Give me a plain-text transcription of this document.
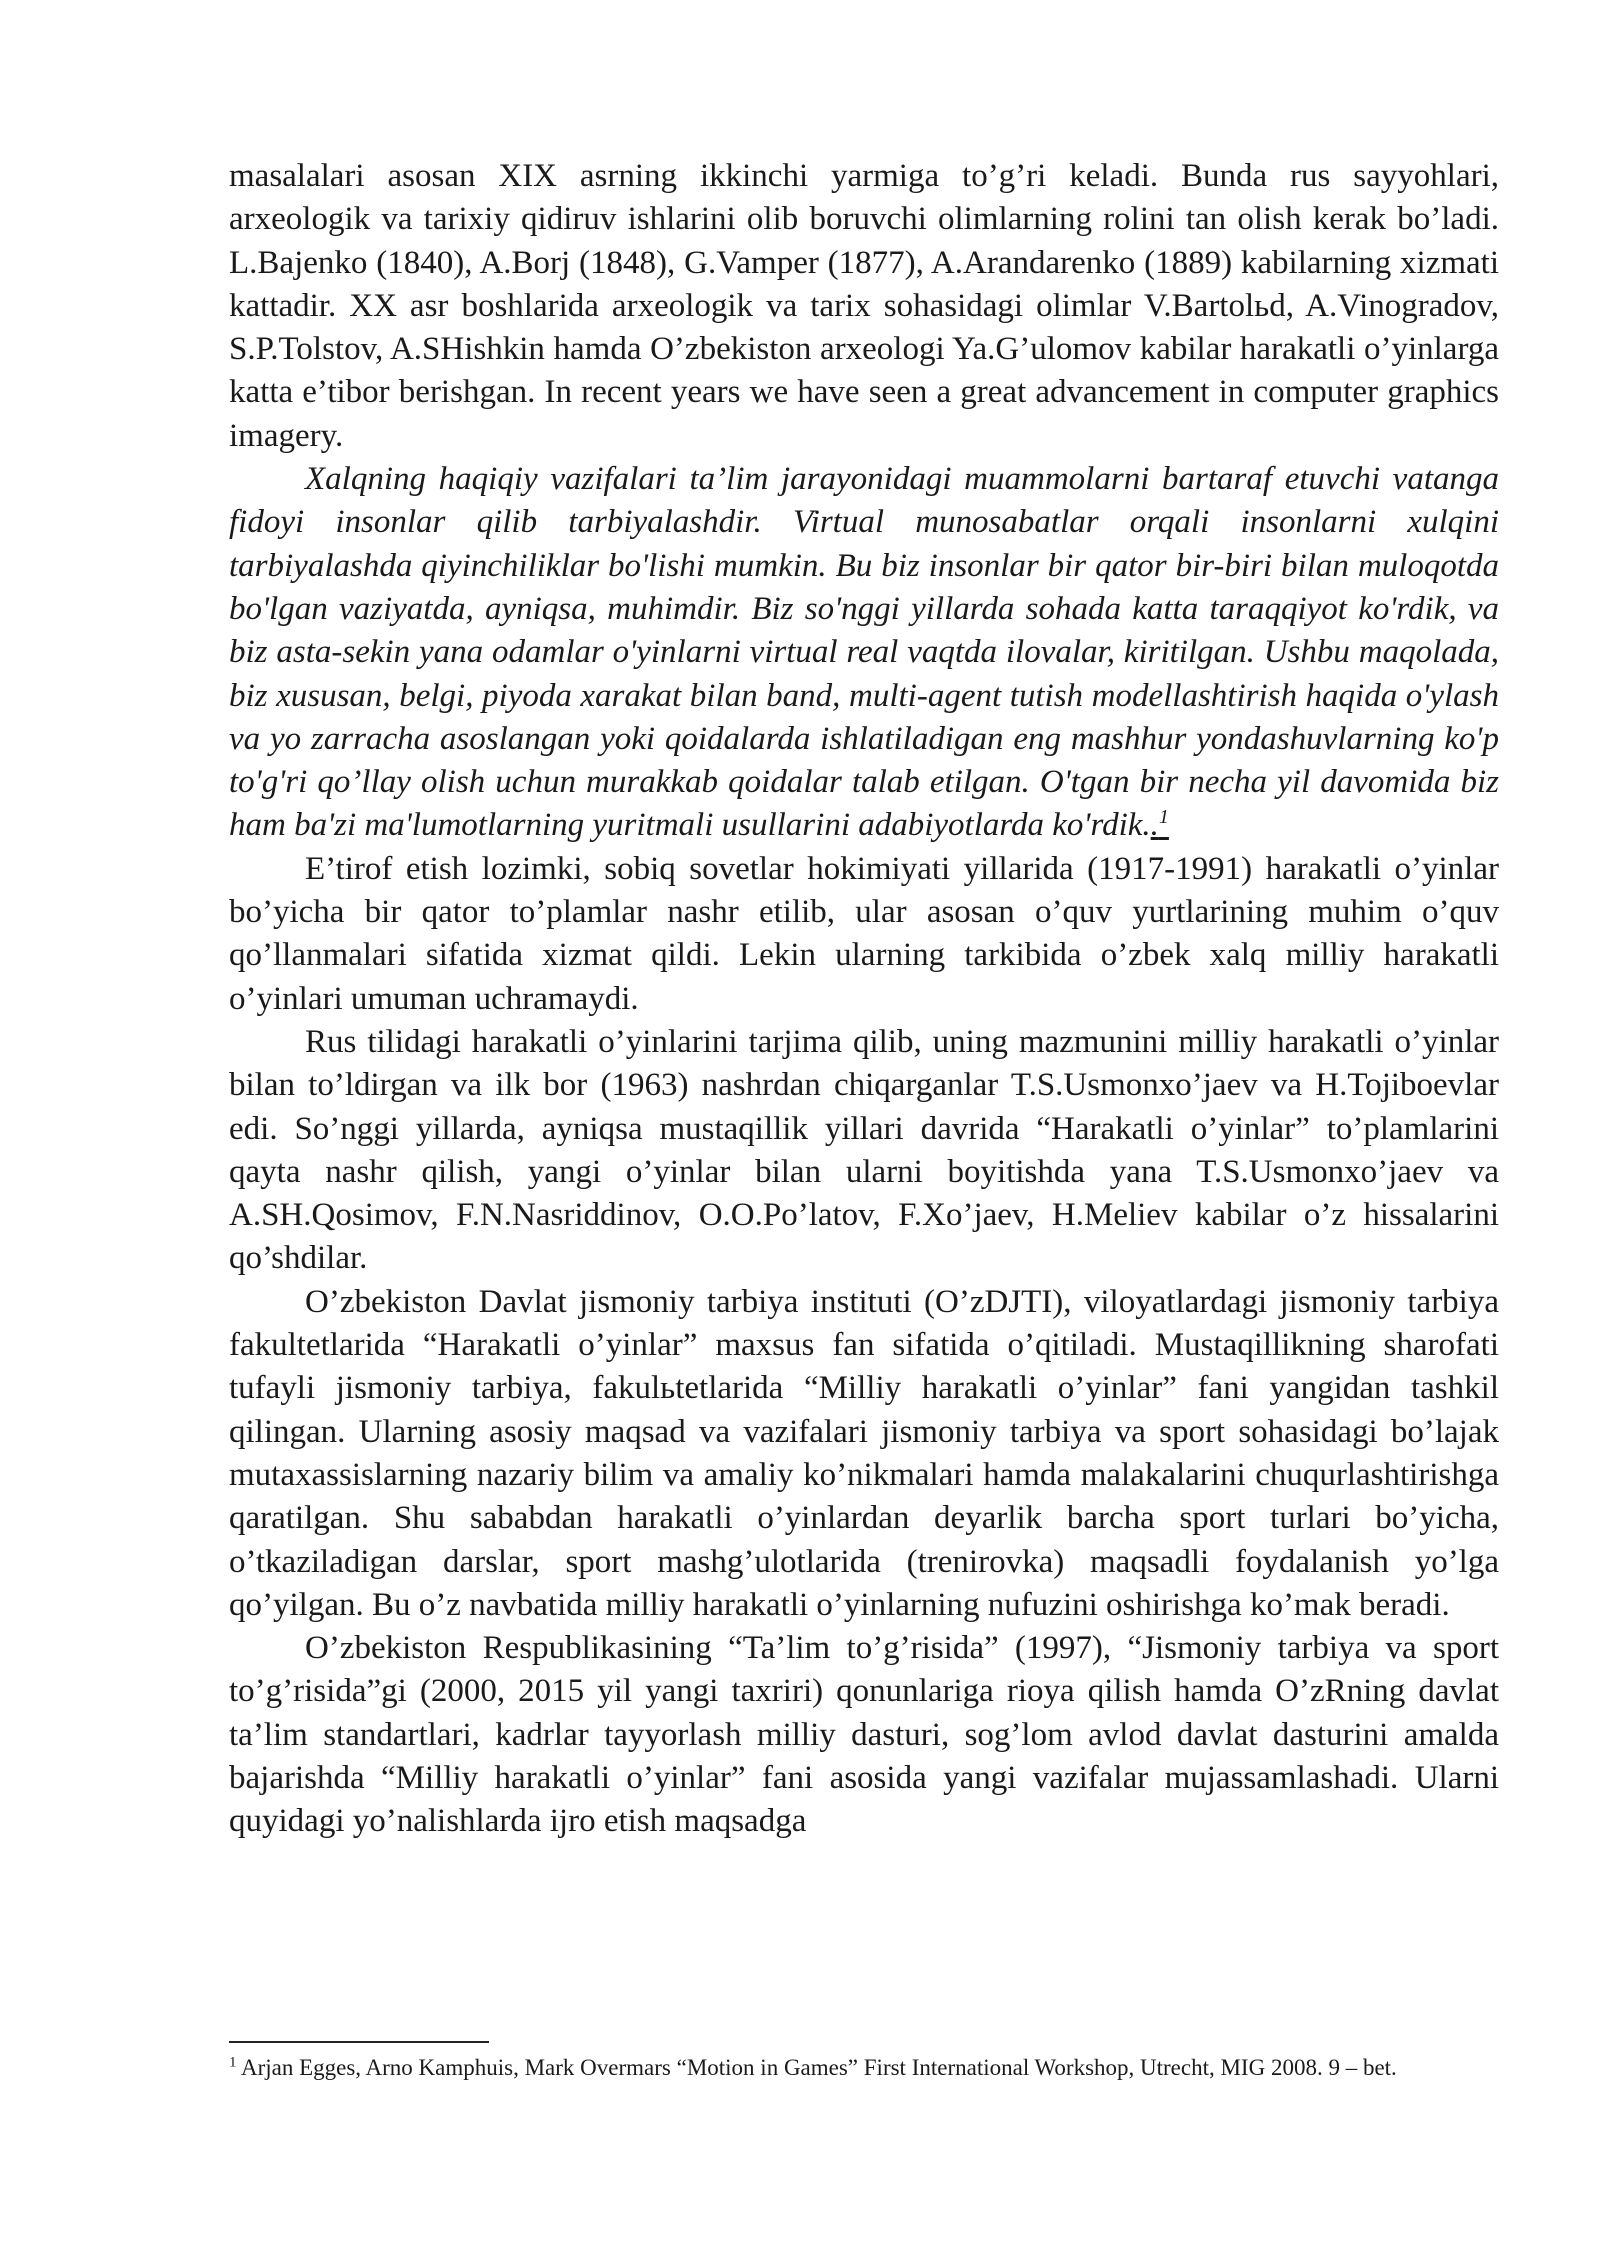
masalalari asosan XIX asrning ikkinchi yarmiga to’g’ri keladi. Bunda rus sayyohlari, arxeologik va tarixiy qidiruv ishlarini olib boruvchi olimlarning rolini tan olish kerak bo’ladi. L.Bajenko (1840), A.Borj (1848), G.Vamper (1877), A.Arandarenko (1889) kabilarning xizmati kattadir. XX asr boshlarida arxeologik va tarix sohasidagi olimlar V.Bartolьd, A.Vinogradov, S.P.Tolstov, A.SHishkin hamda O’zbekiston arxeologi Ya.G’ulomov kabilar harakatli o’yinlarga katta e’tibor berishgan. In recent years we have seen a great advancement in computer graphics imagery.

Xalqning haqiqiy vazifalari ta’lim jarayonidagi muammolarni bartaraf etuvchi vatanga fidoyi insonlar qilib tarbiyalashdir. Virtual munosabatlar orqali insonlarni xulqini tarbiyalashda qiyinchiliklar bo'lishi mumkin. Bu biz insonlar bir qator bir-biri bilan muloqotda bo'lgan vaziyatda, ayniqsa, muhimdir. Biz so'nggi yillarda sohada katta taraqqiyot ko'rdik, va biz asta-sekin yana odamlar o'yinlarni virtual real vaqtda ilovalar, kiritilgan. Ushbu maqolada, biz xususan, belgi, piyoda xarakat bilan band, multi-agent tutish modellashtirish haqida o'ylash va yo zarracha asoslangan yoki qoidalarda ishlatiladigan eng mashhur yondashuvlarning ko'p to'g'ri qo’llay olish uchun murakkab qoidalar talab etilgan. O'tgan bir necha yil davomida biz ham ba'zi ma'lumotlarning yuritmali usullarini adabiyotlarda ko'rdik..$^1$

E’tirof etish lozimki, sobiq sovetlar hokimiyati yillarida (1917-1991) harakatli o’yinlar bo’yicha bir qator to’plamlar nashr etilib, ular asosan o’quv yurtlarining muhim o’quv qo’llanmalari sifatida xizmat qildi. Lekin ularning tarkibida o’zbek xalq milliy harakatli o’yinlari umuman uchramaydi.

Rus tilidagi harakatli o’yinlarini tarjima qilib, uning mazmunini milliy harakatli o’yinlar bilan to’ldirgan va ilk bor (1963) nashrdan chiqarganlar T.S.Usmonxo’jaev va H.Tojiboevlar edi. So’nggi yillarda, ayniqsa mustaqillik yillari davrida “Harakatli o’yinlar” to’plamlarini qayta nashr qilish, yangi o’yinlar bilan ularni boyitishda yana T.S.Usmonxo’jaev va A.SH.Qosimov, F.N.Nasriddinov, O.O.Po’latov, F.Xo’jaev, H.Meliev kabilar o’z hissalarini qo’shdilar.

O’zbekiston Davlat jismoniy tarbiya instituti (O’zDJTI), viloyatlardagi jismoniy tarbiya fakultetlarida “Harakatli o’yinlar” maxsus fan sifatida o’qitiladi. Mustaqillikning sharofati tufayli jismoniy tarbiya, fakulьtetlarida “Milliy harakatli o’yinlar” fani yangidan tashkil qilingan. Ularning asosiy maqsad va vazifalari jismoniy tarbiya va sport sohasidagi bo’lajak mutaxassislarning nazariy bilim va amaliy ko’nikmalari hamda malakalarini chuqurlashtirishga qaratilgan. Shu sababdan harakatli o’yinlardan deyarlik barcha sport turlari bo’yicha, o’tkaziladigan darslar, sport mashg’ulotlarida (trenirovka) maqsadli foydalanish yo’lga qo’yilgan. Bu o’z navbatida milliy harakatli o’yinlarning nufuzini oshirishga ko’mak beradi.

O’zbekiston Respublikasining “Ta’lim to’g’risida” (1997), “Jismoniy tarbiya va sport to’g’risida”gi (2000, 2015 yil yangi taxriri) qonunlariga rioya qilish hamda O’zRning davlat ta’lim standartlari, kadrlar tayyorlash milliy dasturi, sog’lom avlod davlat dasturini amalda bajarishda “Milliy harakatli o’yinlar” fani asosida yangi vazifalar mujassamlashadi. Ularni quyidagi yo’nalishlarda ijro etish maqsadga

$^1$ Arjan Egges, Arno Kamphuis, Mark Overmars “Motion in Games” First International Workshop, Utrecht, MIG 2008. 9 – bet.
